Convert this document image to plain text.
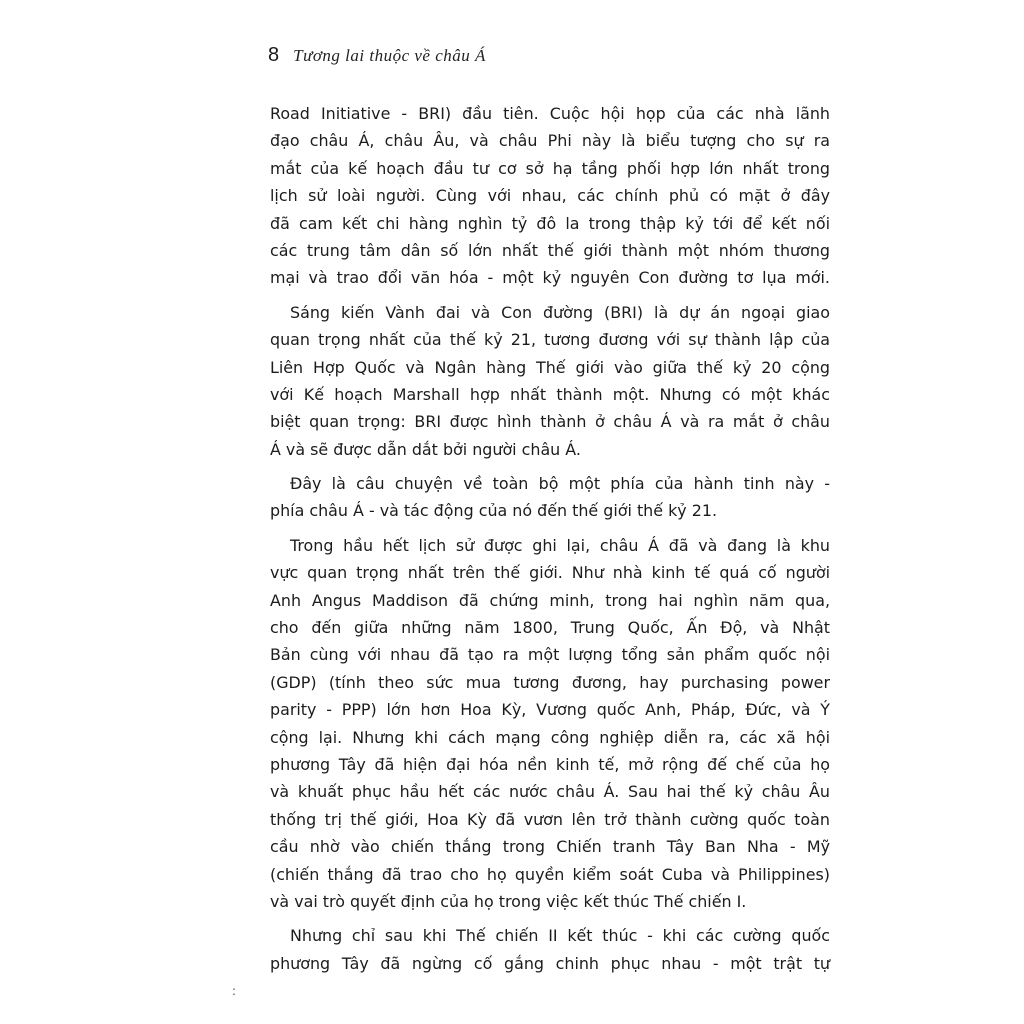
8 Tương lai thuộc về châu Á
Road Initiative - BRI) đầu tiên. Cuộc hội họp của các nhà lãnh
đạo châu Á, châu Âu, và châu Phi này là biểu tượng cho sự ra
mắt của kế hoạch đầu tư cơ sở hạ tầng phối hợp lớn nhất trong
lịch sử loài người. Cùng với nhau, các chính phủ có mặt ở đây
đã cam kết chi hàng nghìn tỷ đô la trong thập kỷ tới để kết nối
các trung tâm dân số lớn nhất thế giới thành một nhóm thương
mại và trao đổi văn hóa - một kỷ nguyên Con đường tơ lụa mới.
Sáng kiến Vành đai và Con đường (BRI) là dự án ngoại giao
quan trọng nhất của thế kỷ 21, tương đương với sự thành lập của
Liên Hợp Quốc và Ngân hàng Thế giới vào giữa thế kỷ 20 cộng
với Kế hoạch Marshall hợp nhất thành một. Nhưng có một khác
biệt quan trọng: BRI được hình thành ở châu Á và ra mắt ở châu
Á và sẽ được dẫn dắt bởi người châu Á.
Đây là câu chuyện về toàn bộ một phía của hành tinh này -
phía châu Á - và tác động của nó đến thế giới thế kỷ 21.
Trong hầu hết lịch sử được ghi lại, châu Á đã và đang là khu
vực quan trọng nhất trên thế giới. Như nhà kinh tế quá cố người
Anh Angus Maddison đã chứng minh, trong hai nghìn năm qua,
cho đến giữa những năm 1800, Trung Quốc, Ấn Độ, và Nhật
Bản cùng với nhau đã tạo ra một lượng tổng sản phẩm quốc nội
(GDP) (tính theo sức mua tương đương, hay purchasing power
parity - PPP) lớn hơn Hoa Kỳ, Vương quốc Anh, Pháp, Đức, và Ý
cộng lại. Nhưng khi cách mạng công nghiệp diễn ra, các xã hội
phương Tây đã hiện đại hóa nền kinh tế, mở rộng đế chế của họ
và khuất phục hầu hết các nước châu Á. Sau hai thế kỷ châu Âu
thống trị thế giới, Hoa Kỳ đã vươn lên trở thành cường quốc toàn
cầu nhờ vào chiến thắng trong Chiến tranh Tây Ban Nha - Mỹ
(chiến thắng đã trao cho họ quyền kiểm soát Cuba và Philippines)
và vai trò quyết định của họ trong việc kết thúc Thế chiến I.
Nhưng chỉ sau khi Thế chiến II kết thúc - khi các cường quốc
phương Tây đã ngừng cố gắng chinh phục nhau - một trật tự
:
